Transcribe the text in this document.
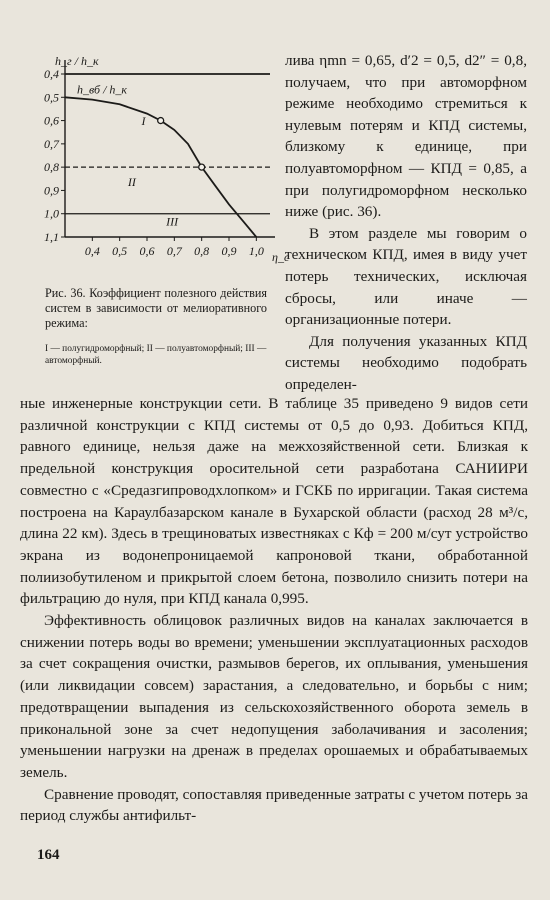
0,4
0,5
0,6
0,7
0,8
0,9
1,0
1,1
0,4 0,5 0,6 0,7 0,8 0,9 1,0
h_г / h_к
η_c
h_вб / h_к
I
II
III
Рис. 36. Коэффициент полезного действия систем в зависимости от мелиоративного режима:
I — полугидроморфный; II — полуавтоморфный; III — автоморфный.

лива ηmn = 0,65, d′2 = 0,5, d2″ = 0,8, получаем, что при автоморфном режиме необходимо стремиться к нулевым потерям и КПД системы, близкому к единице, при полуавтоморфном — КПД = 0,85, а при полугидроморфном несколько ниже (рис. 36).

В этом разделе мы говорим о техническом КПД, имея в виду учет потерь технических, исключая сбросы, или иначе — организационные потери.

Для получения указанных КПД системы необходимо подобрать определен-

ные инженерные конструкции сети. В таблице 35 приведено 9 видов сети различной конструкции с КПД системы от 0,5 до 0,93. Добиться КПД, равного единице, нельзя даже на межхозяйственной сети. Близкая к предельной конструкция оросительной сети разработана САНИИРИ совместно с «Средазгипроводхлопком» и ГСКБ по ирригации. Такая система построена на Караулбазарском канале в Бухарской области (расход 28 м³/с, длина 22 км). Здесь в трещиноватых известняках с Кф = 200 м/сут устройство экрана из водонепроницаемой капроновой ткани, обработанной полиизобутиленом и прикрытой слоем бетона, позволило снизить потери на фильтрацию до нуля, при КПД канала 0,995.

Эффективность облицовок различных видов на каналах заключается в снижении потерь воды во времени; уменьшении эксплуатационных расходов за счет сокращения очистки, размывов берегов, их оплывания, уменьшения (или ликвидации совсем) зарастания, а следовательно, и борьбы с ним; предотвращении выпадения из сельскохозяйственного оборота земель в прикональной зоне за счет недопущения заболачивания и засоления; уменьшении нагрузки на дренаж в пределах орошаемых и обрабатываемых земель.

Сравнение проводят, сопоставляя приведенные затраты с учетом потерь за период службы антифильт-

164
